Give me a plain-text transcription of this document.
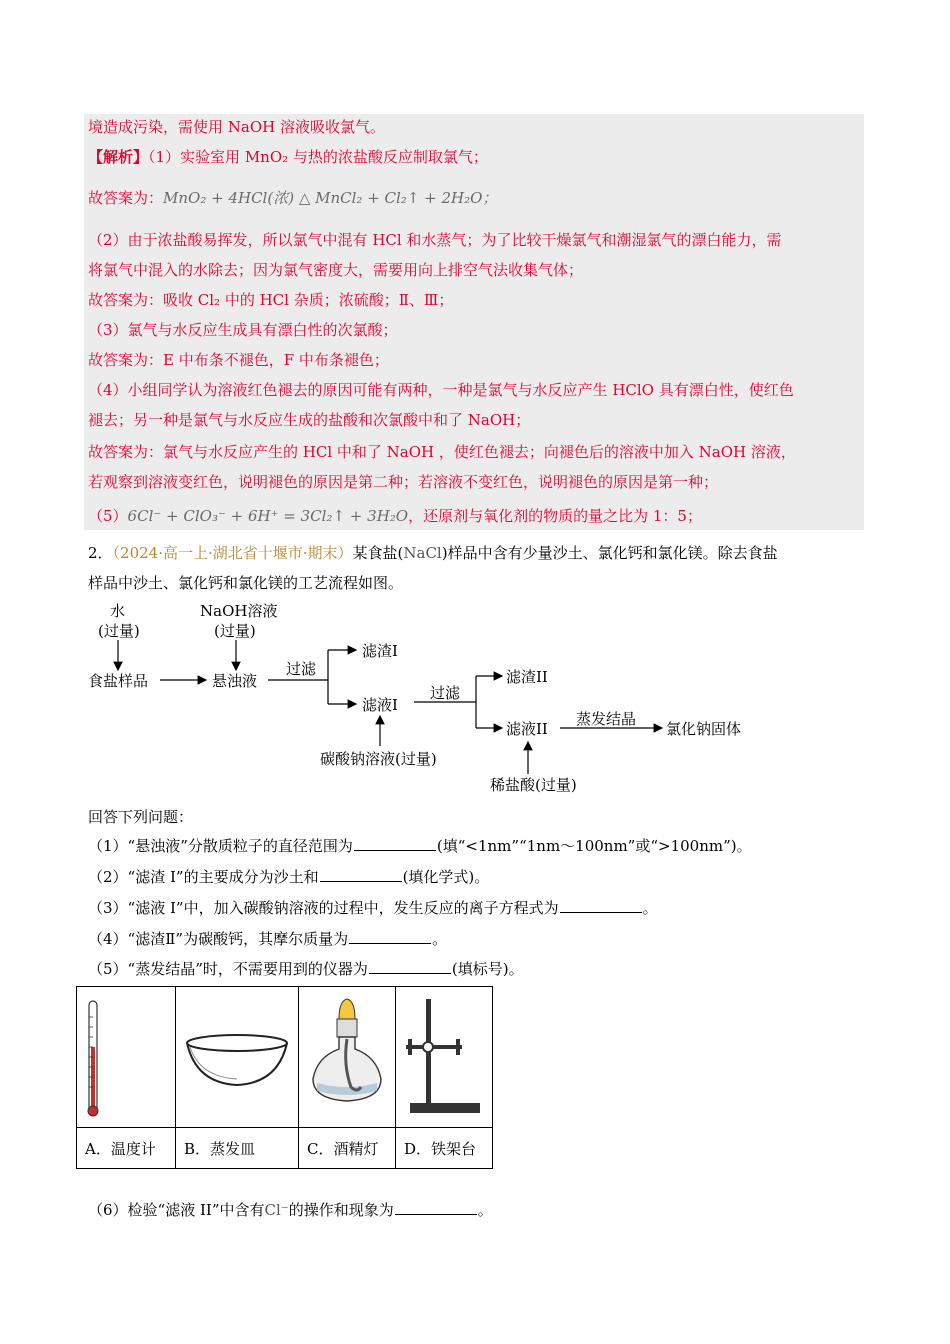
境造成污染，需使用 NaOH 溶液吸收氯气。
【解析】（1）实验室用 MnO₂ 与热的浓盐酸反应制取氯气；
故答案为：MnO₂ + 4HCl(浓) △ MnCl₂ + Cl₂↑ + 2H₂O；
（2）由于浓盐酸易挥发，所以氯气中混有 HCl 和水蒸气；为了比较干燥氯气和潮湿氯气的漂白能力，需
将氯气中混入的水除去；因为氯气密度大，需要用向上排空气法收集气体；
故答案为：吸收 Cl₂ 中的 HCl 杂质；浓硫酸；Ⅱ、Ⅲ；
（3）氯气与水反应生成具有漂白性的次氯酸；
故答案为：E 中布条不褪色，F 中布条褪色；
（4）小组同学认为溶液红色褪去的原因可能有两种，一种是氯气与水反应产生 HClO 具有漂白性，使红色
褪去；另一种是氯气与水反应生成的盐酸和次氯酸中和了 NaOH；
故答案为：氯气与水反应产生的 HCl 中和了 NaOH ，使红色褪去；向褪色后的溶液中加入 NaOH 溶液，
若观察到溶液变红色，说明褪色的原因是第二种；若溶液不变红色，说明褪色的原因是第一种；
（5）6Cl⁻ + ClO₃⁻ + 6H⁺ = 3Cl₂↑ + 3H₂O，还原剂与氧化剂的物质的量之比为 1：5；
2．（2024·高一上·湖北省十堰市·期末）某食盐(NaCl)样品中含有少量沙土、氯化钙和氯化镁。除去食盐
样品中沙土、氯化钙和氯化镁的工艺流程如图。
水
(过量)
NaOH溶液
(过量)
食盐样品	悬浊液
过滤
滤渣I
滤液I
碳酸钠溶液(过量)
过滤
滤渣II
滤液II
蒸发结晶
氯化钠固体
稀盐酸(过量)
回答下列问题：
（1）“悬浊液”分散质粒子的直径范围为	(填“<1nm”“1nm～100nm”或“>100nm”)。
（2）“滤渣 I”的主要成分为沙土和	(填化学式)。
（3）“滤液 I”中，加入碳酸钠溶液的过程中，发生反应的离子方程式为	。
（4）“滤渣Ⅱ”为碳酸钙，其摩尔质量为	。
（5）“蒸发结晶”时，不需要用到的仪器为	(填标号)。

A．温度计	B．蒸发皿	C．酒精灯	D．铁架台
（6）检验“滤液 II”中含有Cl⁻的操作和现象为	。
